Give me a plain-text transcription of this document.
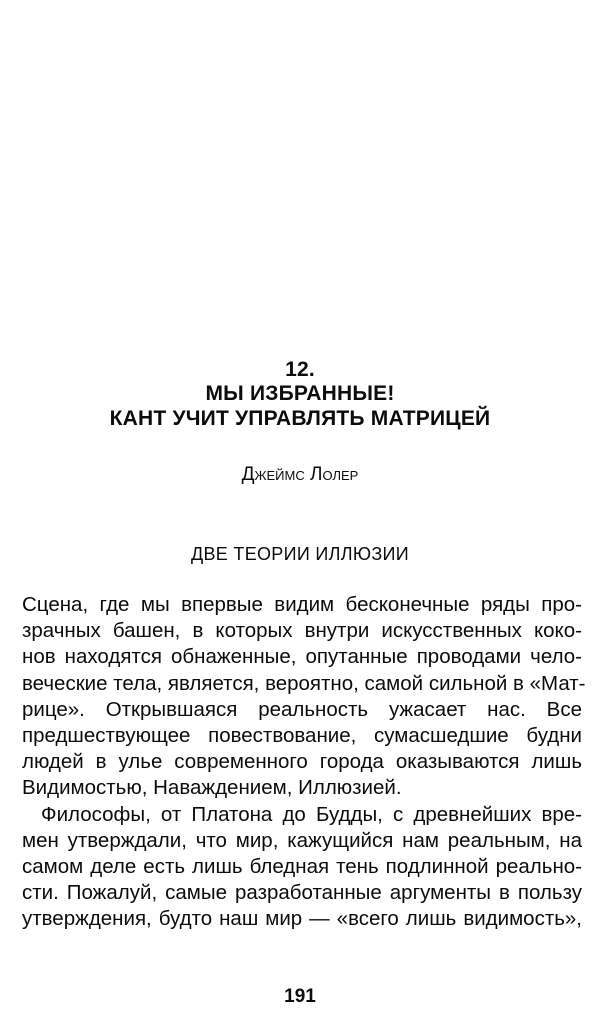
12.
МЫ ИЗБРАННЫЕ!
КАНТ УЧИТ УПРАВЛЯТЬ МАТРИЦЕЙ
Джеймс Лолер
ДВЕ ТЕОРИИ ИЛЛЮЗИИ
Сцена, где мы впервые видим бесконечные ряды про-
зрачных башен, в которых внутри искусственных коко-
нов находятся обнаженные, опутанные проводами чело-
веческие тела, является, вероятно, самой сильной в «Мат-
рице». Открывшаяся реальность ужасает нас. Все
предшествующее повествование, сумасшедшие будни
людей в улье современного города оказываются лишь
Видимостью, Наваждением, Иллюзией.
Философы, от Платона до Будды, с древнейших вре-
мен утверждали, что мир, кажущийся нам реальным, на
самом деле есть лишь бледная тень подлинной реально-
сти. Пожалуй, самые разработанные аргументы в пользу
утверждения, будто наш мир — «всего лишь видимость»,
191
